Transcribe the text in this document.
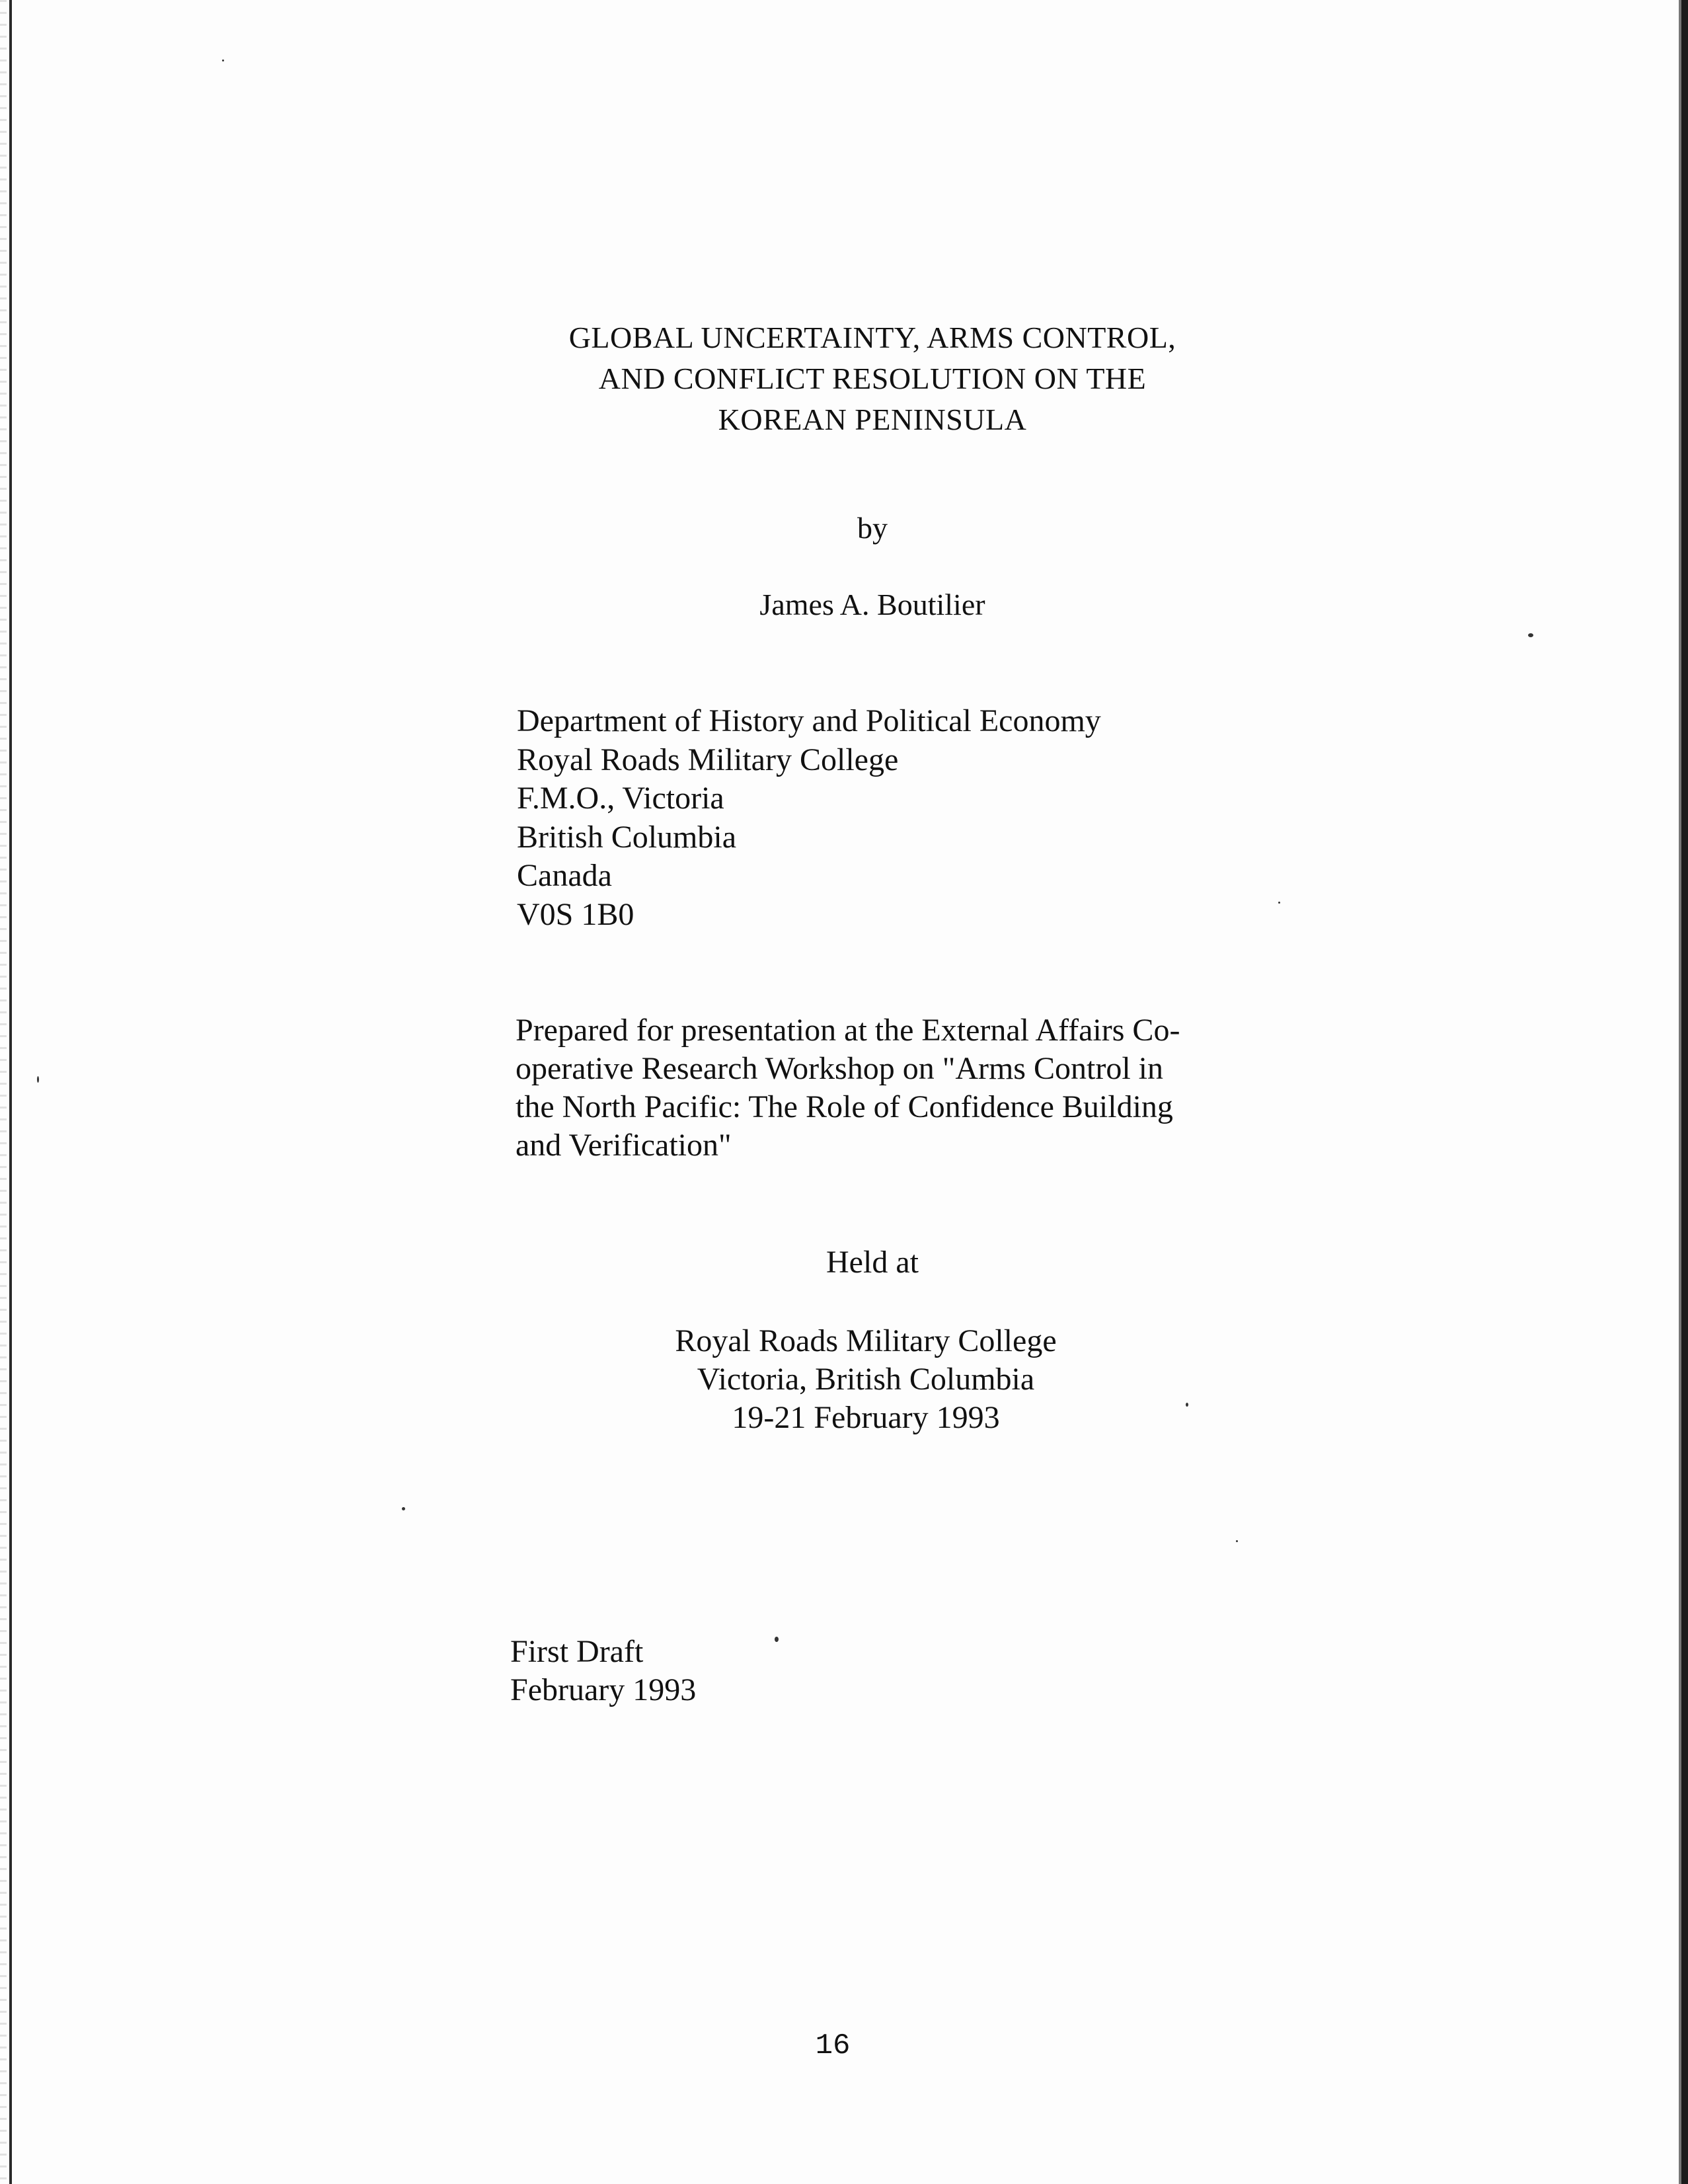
GLOBAL UNCERTAINTY, ARMS CONTROL,
AND CONFLICT RESOLUTION ON THE
KOREAN PENINSULA
by
James A. Boutilier
Department of History and Political Economy
Royal Roads Military College
F.M.O., Victoria
British Columbia
Canada
V0S 1B0
Prepared for presentation at the External Affairs Co-
operative Research Workshop on "Arms Control in
the North Pacific: The Role of Confidence Building
and Verification"
Held at
Royal Roads Military College
Victoria, British Columbia
19-21 February 1993
First Draft
February 1993
16
